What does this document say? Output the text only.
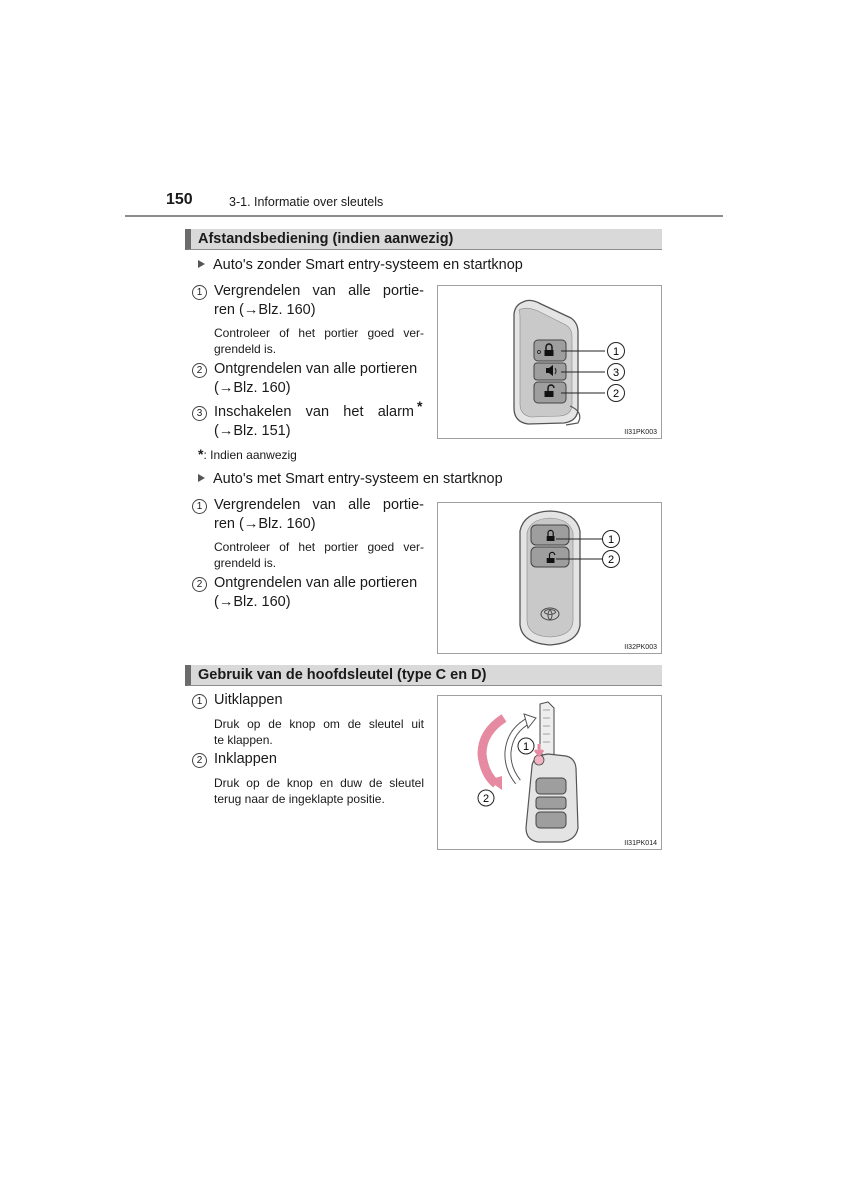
150	3-1. Informatie over sleutels
Afstandsbediening (indien aanwezig)
Auto's zonder Smart entry-systeem en startknop
1 Vergrendelen van alle portie-
ren (→Blz. 160)
Controleer of het portier goed ver-
grendeld is.
2 Ontgrendelen van alle portieren
(→Blz. 160)
3 Inschakelen van het alarm *
(→Blz. 151)
*: Indien aanwezig
1
3
2
II31PK003
Auto's met Smart entry-systeem en startknop
1 Vergrendelen van alle portie-
ren (→Blz. 160)
Controleer of het portier goed ver-
grendeld is.
2 Ontgrendelen van alle portieren
(→Blz. 160)
1
2
II32PK003
Gebruik van de hoofdsleutel (type C en D)
1 Uitklappen
Druk op de knop om de sleutel uit
te klappen.
2 Inklappen
Druk op de knop en duw de sleutel
terug naar de ingeklapte positie.
1
2
II31PK014
